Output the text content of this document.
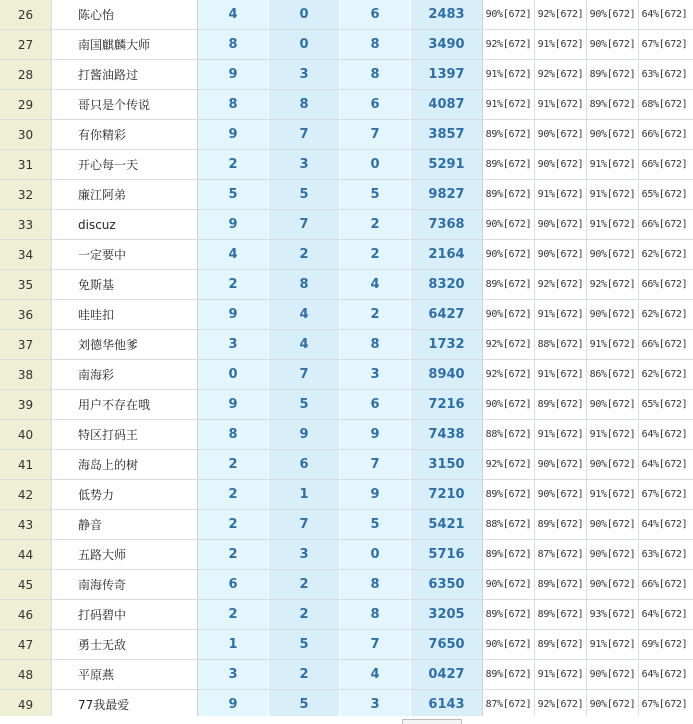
26	陈心怡	4	0	6	2483	90%[672] 92%[672] 90%[672] 64%[672]
27	南国麒麟大师	8	0	8	3490	92%[672] 91%[672] 90%[672] 67%[672]
28	打酱油路过	9	3	8	1397	91%[672] 92%[672] 89%[672] 63%[672]
29	哥只是个传说	8	8	6	4087	91%[672] 91%[672] 89%[672] 68%[672]
30	有你精彩	9	7	7	3857	89%[672] 90%[672] 90%[672] 66%[672]
31	开心每一天	2	3	0	5291	89%[672] 90%[672] 91%[672] 66%[672]
32	廉江阿弟	5	5	5	9827	89%[672] 91%[672] 91%[672] 65%[672]
33	discuz	9	7	2	7368	90%[672] 90%[672] 91%[672] 66%[672]
34	一定要中	4	2	2	2164	90%[672] 90%[672] 90%[672] 62%[672]
35	免斯基	2	8	4	8320	89%[672] 92%[672] 92%[672] 66%[672]
36	哇哇扣	9	4	2	6427	90%[672] 91%[672] 90%[672] 62%[672]
37	刘德华他爹	3	4	8	1732	92%[672] 88%[672] 91%[672] 66%[672]
38	南海彩	0	7	3	8940	92%[672] 91%[672] 86%[672] 62%[672]
39	用户不存在哦	9	5	6	7216	90%[672] 89%[672] 90%[672] 65%[672]
40	特区打码王	8	9	9	7438	88%[672] 91%[672] 91%[672] 64%[672]
41	海岛上的树	2	6	7	3150	92%[672] 90%[672] 90%[672] 64%[672]
42	低势力	2	1	9	7210	89%[672] 90%[672] 91%[672] 67%[672]
43	静音	2	7	5	5421	88%[672] 89%[672] 90%[672] 64%[672]
44	五路大师	2	3	0	5716	89%[672] 87%[672] 90%[672] 63%[672]
45	南海传奇	6	2	8	6350	90%[672] 89%[672] 90%[672] 66%[672]
46	打码碧中	2	2	8	3205	89%[672] 89%[672] 93%[672] 64%[672]
47	勇士无敌	1	5	7	7650	90%[672] 89%[672] 91%[672] 69%[672]
48	平原燕	3	2	4	0427	89%[672] 91%[672] 90%[672] 64%[672]
49	77我最爱	9	5	3	6143	87%[672] 92%[672] 90%[672] 67%[672]
